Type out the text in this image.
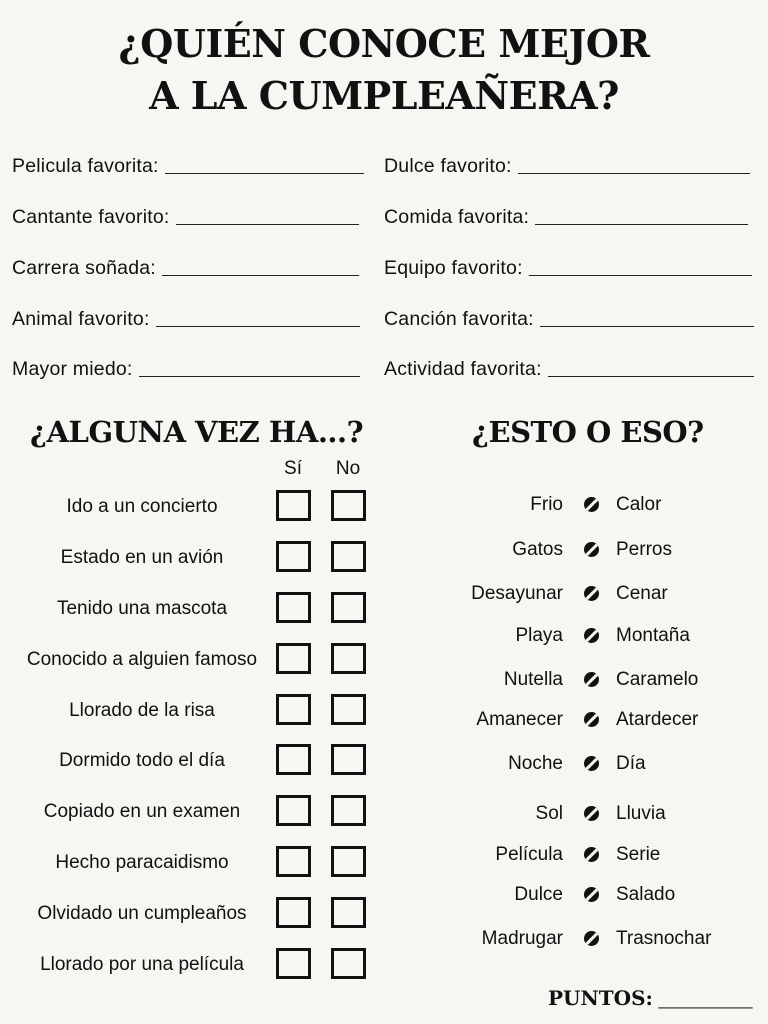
¿QUIÉN CONOCE MEJOR
A LA CUMPLEAÑERA?
Pelicula favorita:
Cantante favorito:
Carrera soñada:
Animal favorito:
Mayor miedo:
Dulce favorito:
Comida favorita:
Equipo favorito:
Canción favorita:
Actividad favorita:
¿ALGUNA VEZ HA...?	¿ESTO O ESO?
Sí	No
Ido a un concierto
Estado en un avión
Tenido una mascota
Conocido a alguien famoso
Llorado de la risa
Dormido todo el día
Copiado en un examen
Hecho paracaidismo
Olvidado un cumpleaños
Llorado por una película
Frio	Calor
Gatos	Perros
Desayunar	Cenar
Playa	Montaña
Nutella	Caramelo
Amanecer	Atardecer
Noche	Día
Sol	Lluvia
Película	Serie
Dulce	Salado
Madrugar	Trasnochar
PUNTOS: _________
